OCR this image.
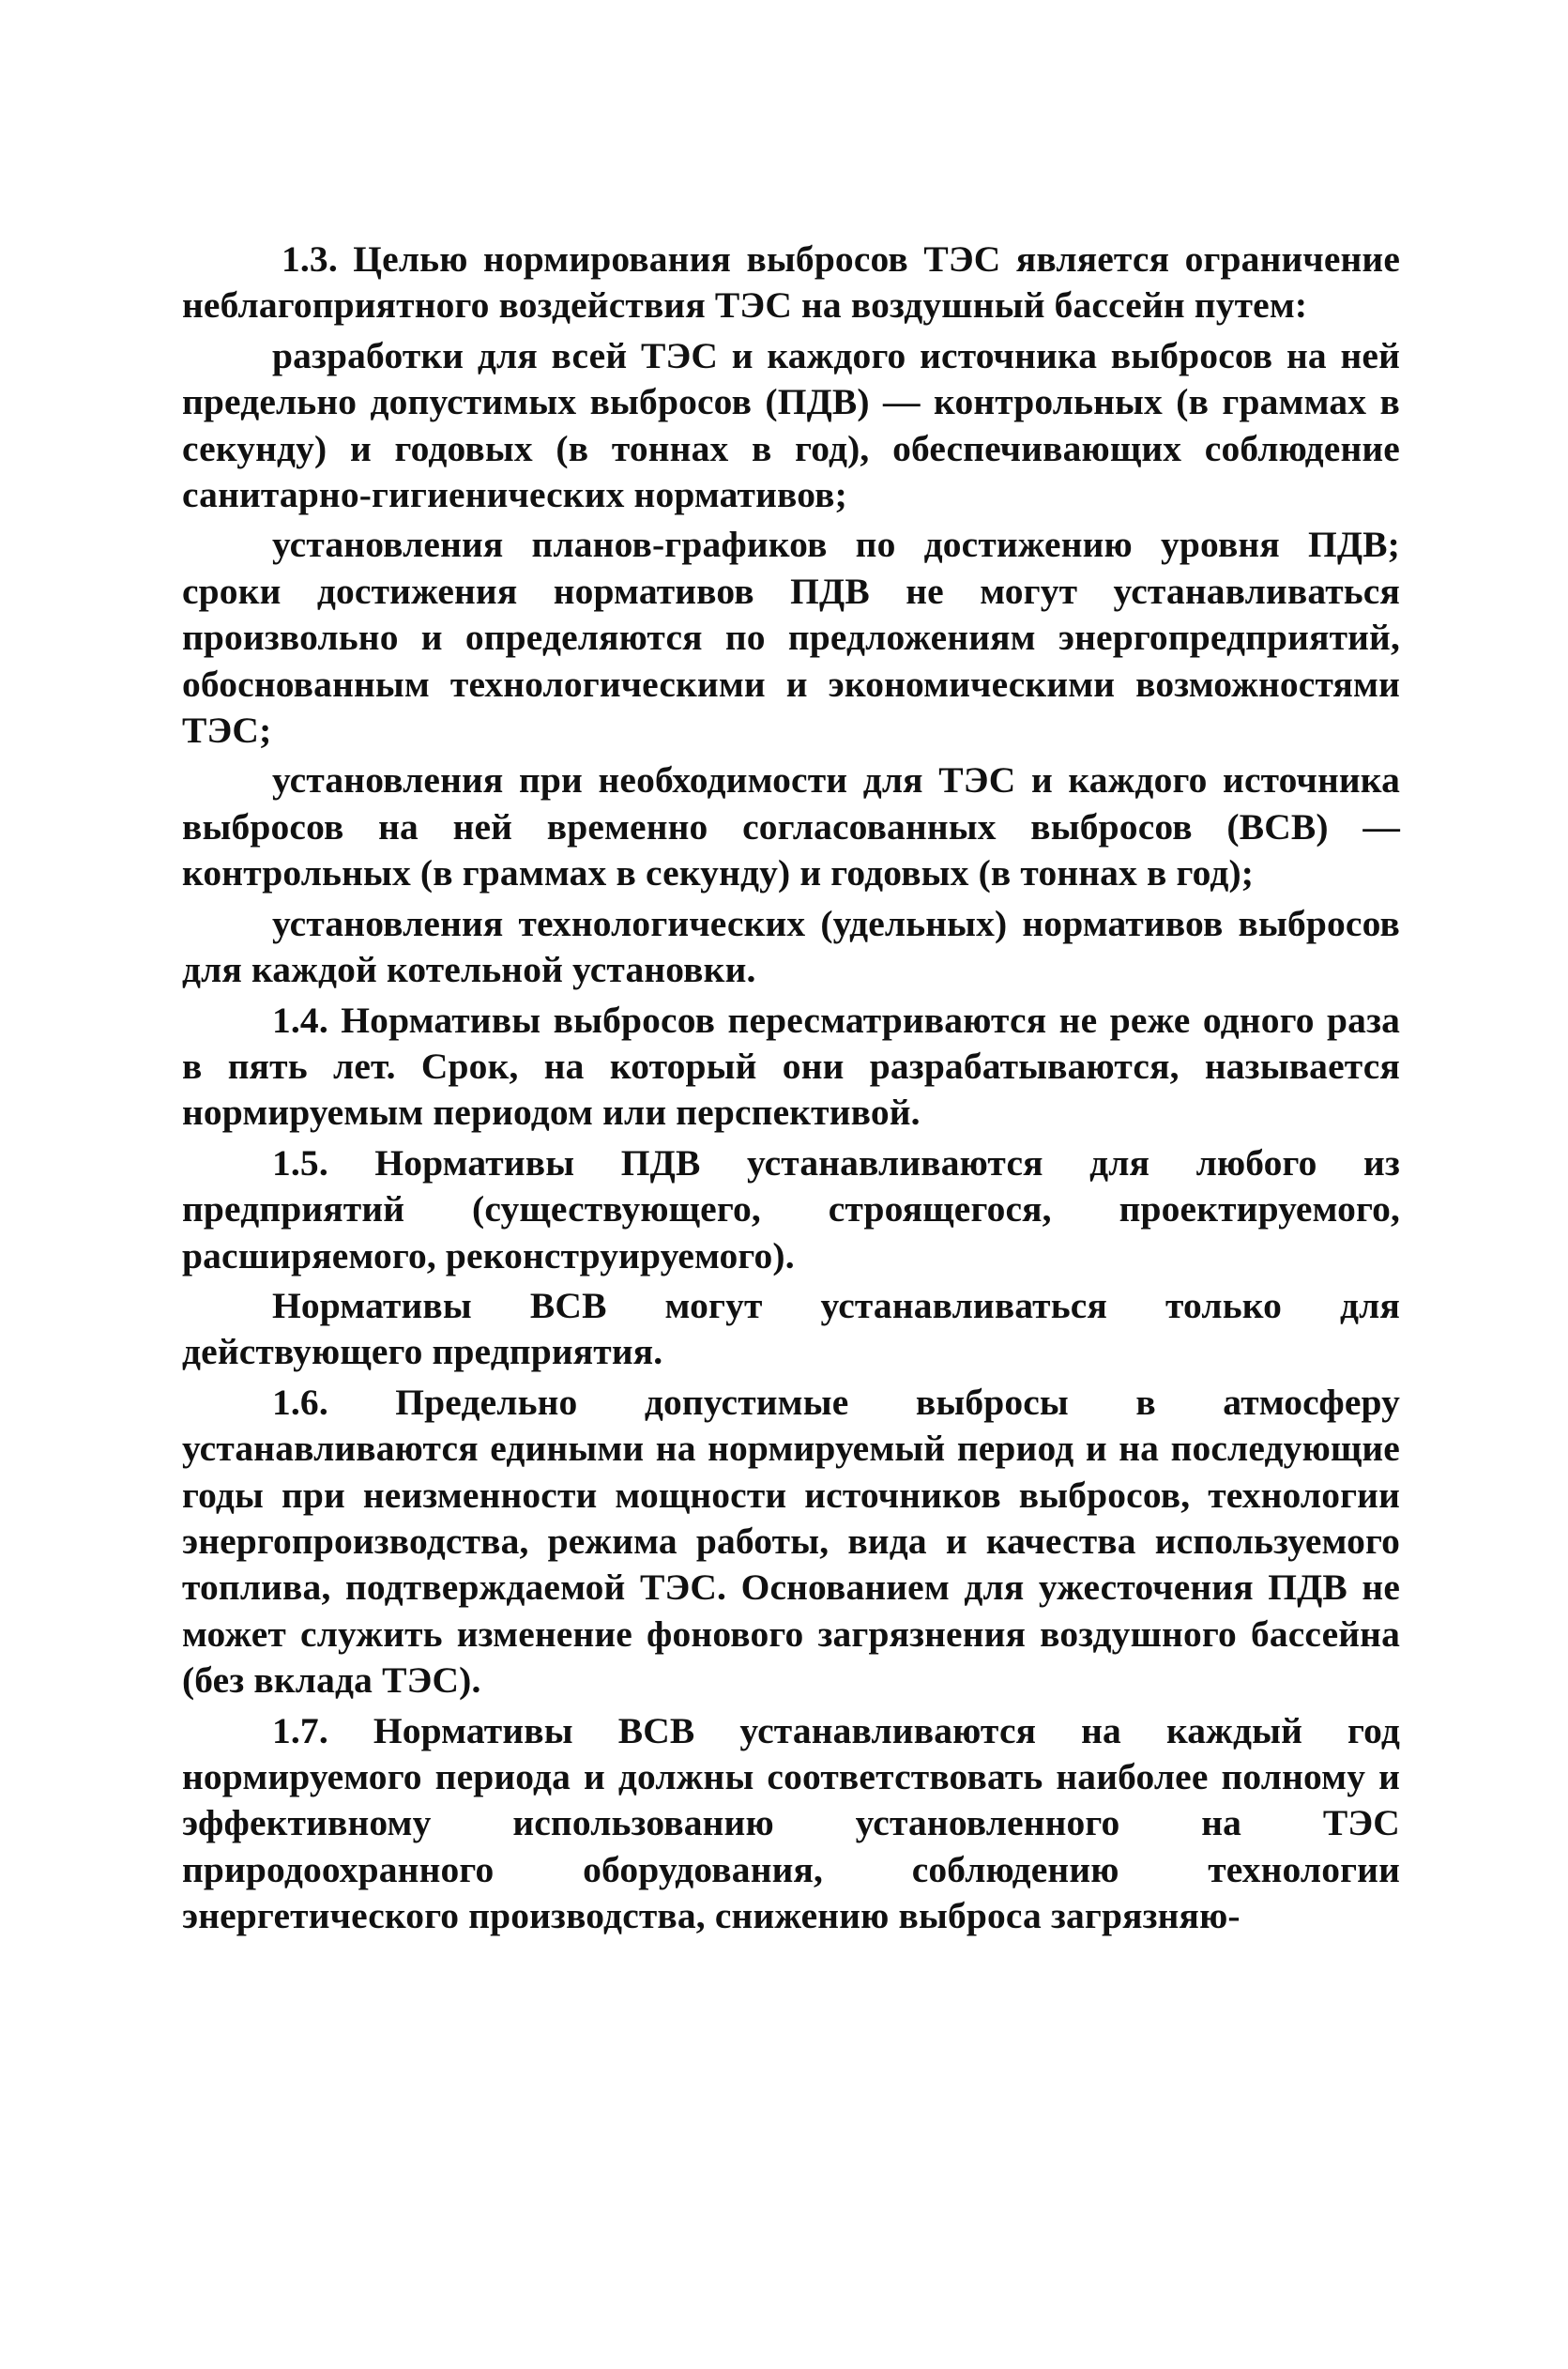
1.3. Целью нормирования выбросов ТЭС является ограничение неблагоприятного воздействия ТЭС на воздушный бассейн путем:

разработки для всей ТЭС и каждого источника выбросов на ней предельно допустимых выбросов (ПДВ) — контрольных (в граммах в секунду) и годовых (в тоннах в год), обеспечивающих соблюдение санитарно-гигиенических нормативов;

установления планов-графиков по достижению уровня ПДВ; сроки достижения нормативов ПДВ не могут устанавливаться произвольно и определяются по предложениям энергопредприятий, обоснованным технологическими и экономическими возможностями ТЭС;

установления при необходимости для ТЭС и каждого источника выбросов на ней временно согласованных выбросов (ВСВ) — контрольных (в граммах в секунду) и годовых (в тоннах в год);

установления технологических (удельных) нормативов выбросов для каждой котельной установки.

1.4. Нормативы выбросов пересматриваются не реже одного раза в пять лет. Срок, на который они разрабатываются, называется нормируемым периодом или перспективой.

1.5. Нормативы ПДВ устанавливаются для любого из предприятий (существующего, строящегося, проектируемого, расширяемого, реконструируемого).

Нормативы ВСВ могут устанавливаться только для действующего предприятия.

1.6. Предельно допустимые выбросы в атмосферу устанавливаются едиными на нормируемый период и на последующие годы при неизменности мощности источников выбросов, технологии энергопроизводства, режима работы, вида и качества используемого топлива, подтверждаемой ТЭС. Основанием для ужесточения ПДВ не может служить изменение фонового загрязнения воздушного бассейна (без вклада ТЭС).

1.7. Нормативы ВСВ устанавливаются на каждый год нормируемого периода и должны соответствовать наиболее полному и эффективному использованию установленного на ТЭС природоохранного оборудования, соблюдению технологии энергетического производства, снижению выброса загрязняю-
